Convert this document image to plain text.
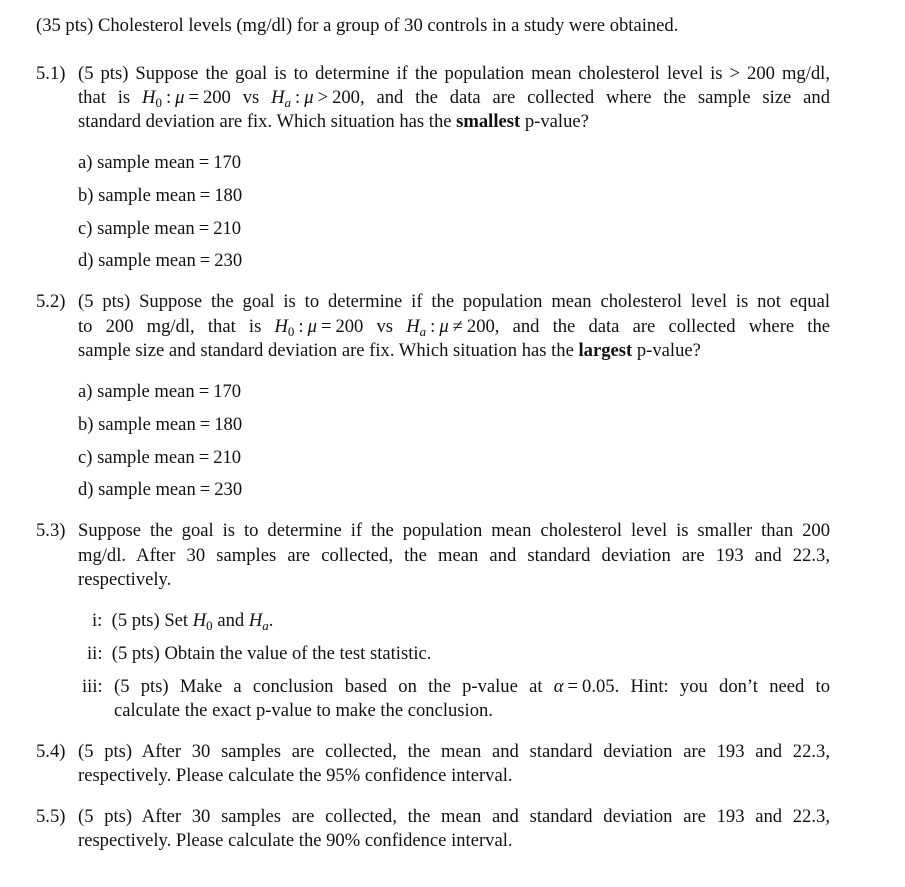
(35 pts) Cholesterol levels (mg/dl) for a group of 30 controls in a study were obtained.
5.1) (5 pts) Suppose the goal is to determine if the population mean cholesterol level is > 200 mg/dl,
that is $H_0$ : μ = 200 vs $H_a$ : μ > 200, and the data are collected where the sample size and
standard deviation are fix. Which situation has the smallest p-value?
a) sample mean = 170
b) sample mean = 180
c) sample mean = 210
d) sample mean = 230
5.2) (5 pts) Suppose the goal is to determine if the population mean cholesterol level is not equal
to 200 mg/dl, that is $H_0$ : μ = 200 vs $H_a$ : μ ≠ 200, and the data are collected where the
sample size and standard deviation are fix. Which situation has the largest p-value?
a) sample mean = 170
b) sample mean = 180
c) sample mean = 210
d) sample mean = 230
5.3) Suppose the goal is to determine if the population mean cholesterol level is smaller than 200
mg/dl. After 30 samples are collected, the mean and standard deviation are 193 and 22.3,
respectively.
i: (5 pts) Set $H_0$ and $H_a$.
ii: (5 pts) Obtain the value of the test statistic.
iii: (5 pts) Make a conclusion based on the p-value at α = 0.05. Hint: you don’t need to
calculate the exact p-value to make the conclusion.
5.4) (5 pts) After 30 samples are collected, the mean and standard deviation are 193 and 22.3,
respectively. Please calculate the 95% confidence interval.
5.5) (5 pts) After 30 samples are collected, the mean and standard deviation are 193 and 22.3,
respectively. Please calculate the 90% confidence interval.
